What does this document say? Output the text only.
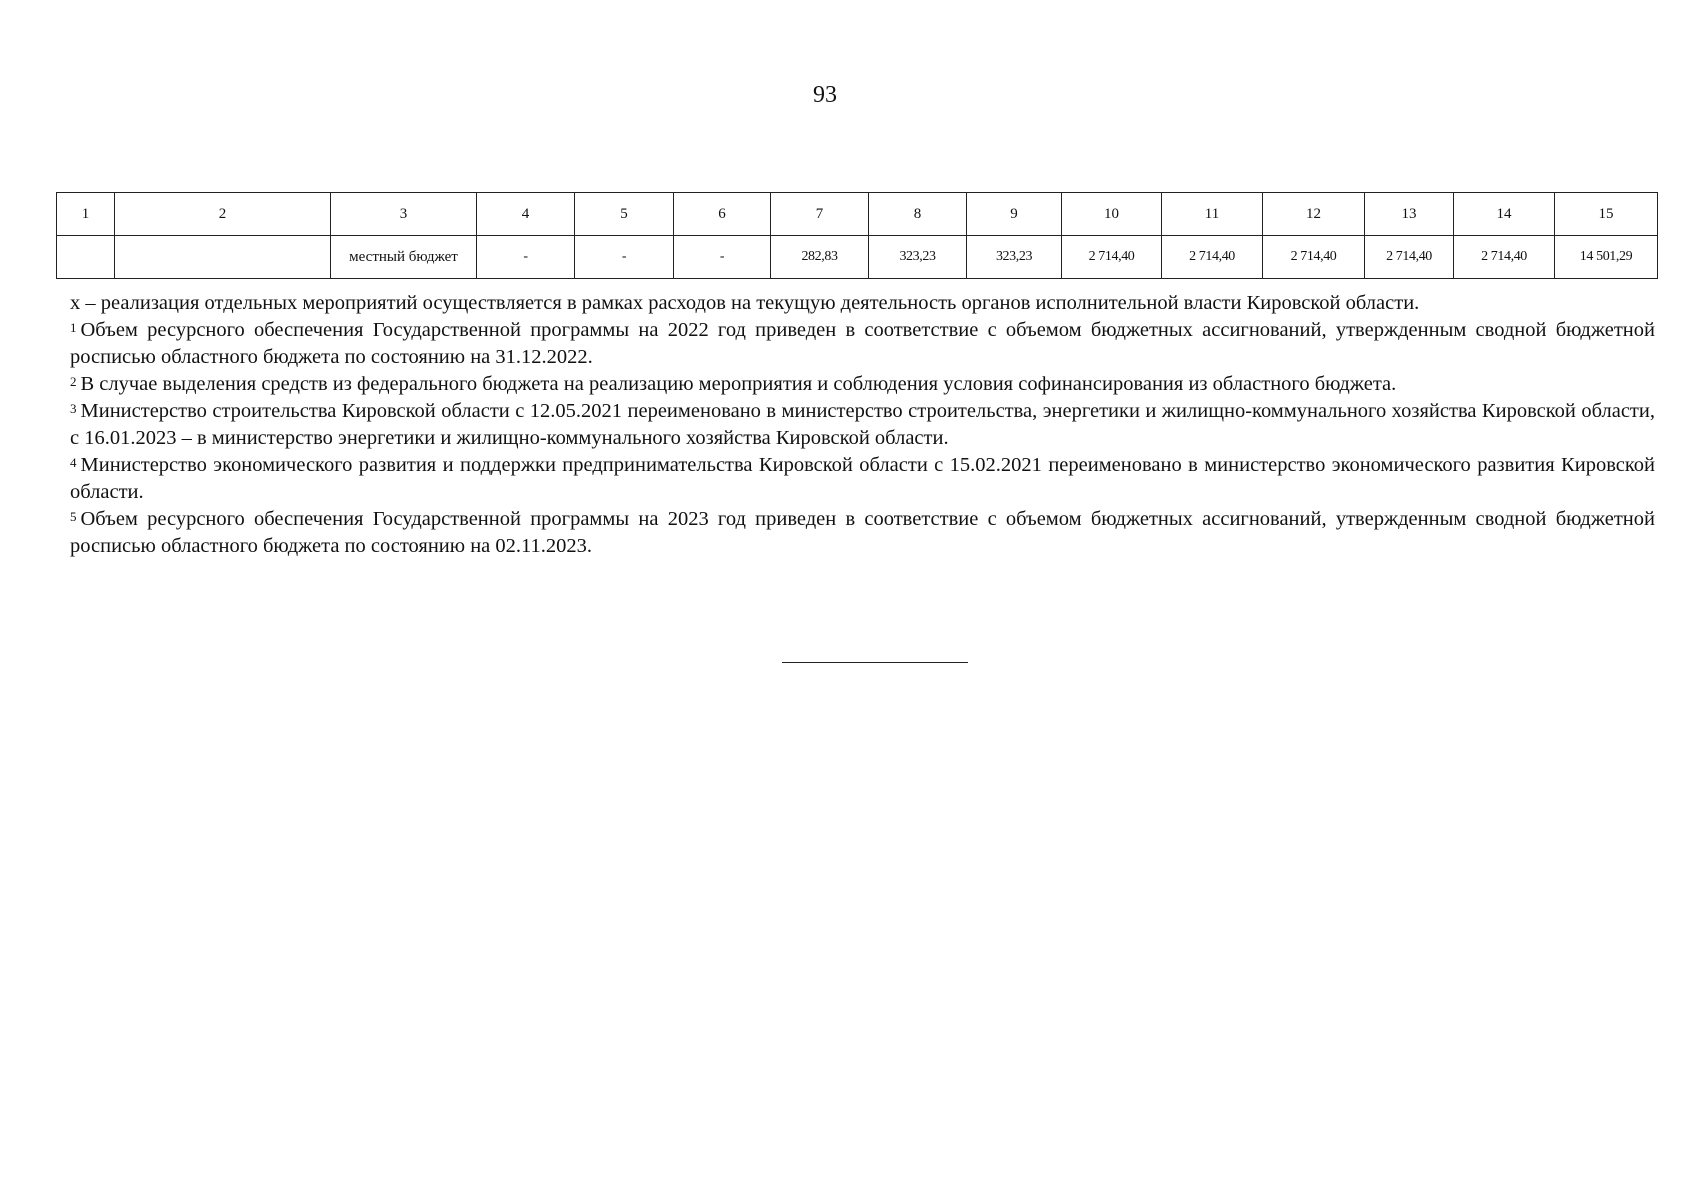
93
1	2	3	4	5	6	7	8	9	10	11	12	13	14	15
		местный бюджет	-	-	-	282,83	323,23	323,23	2 714,40	2 714,40	2 714,40	2 714,40	2 714,40	14 501,29

x – реализация отдельных мероприятий осуществляется в рамках расходов на текущую деятельность органов исполнительной власти Кировской области.

$^1$ Объем ресурсного обеспечения Государственной программы на 2022 год приведен в соответствие с объемом бюджетных ассигнований, утвержденным сводной бюджетной росписью областного бюджета по состоянию на 31.12.2022.

$^2$ В случае выделения средств из федерального бюджета на реализацию мероприятия и соблюдения условия софинансирования из областного бюджета.

$^3$ Министерство строительства Кировской области с 12.05.2021 переименовано в министерство строительства, энергетики и жилищно-коммунального хозяйства Кировской области, с 16.01.2023 – в министерство энергетики и жилищно-коммунального хозяйства Кировской области.

$^4$ Министерство экономического развития и поддержки предпринимательства Кировской области с 15.02.2021 переименовано в министерство экономического развития Кировской области.

$^5$ Объем ресурсного обеспечения Государственной программы на 2023 год приведен в соответствие с объемом бюджетных ассигнований, утвержденным сводной бюджетной росписью областного бюджета по состоянию на 02.11.2023.
